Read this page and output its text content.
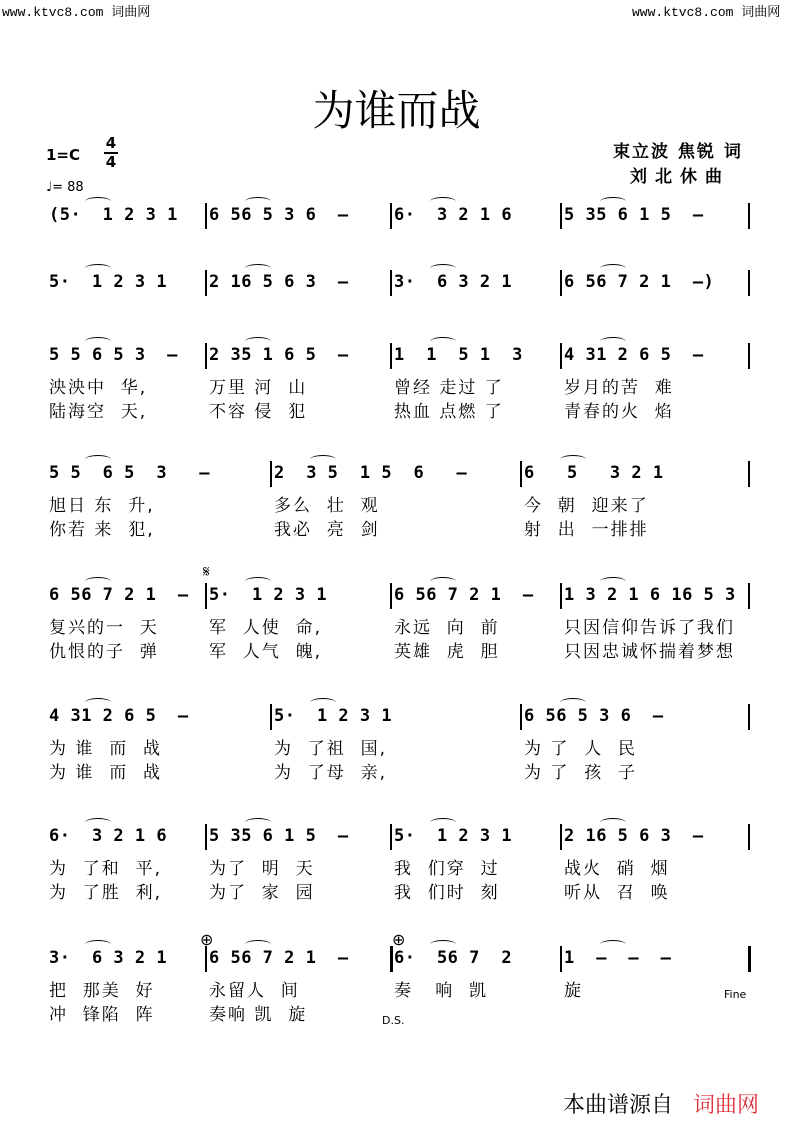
www.ktvc8.com 词曲网	www.ktvc8.com 词曲网
为谁而战
1=C
4
4
♩= 88
束立波 焦锐 词
刘北休曲
(5·  1 2 3 1	6 56 5 3 6  —	6·  3 2 1 6	5 35 6 1 5  —
5·  1 2 3 1	2 16 5 6 3  —	3·  6 3 2 1	6 56 7 2 1  —)
5 5 6 5 3  —	2 35 1 6 5  —	1  1  5 1  3	4 31 2 6 5  —
泱泱中  华,	万里 河  山	曾经 走过 了	岁月的苦  难
陆海空  天,	不容 侵  犯	热血 点燃 了	青春的火  焰
5 5  6 5  3   —	2  3 5  1 5  6   —	6   5   3 2 1
旭日 东  升,	多么  壮  观	今  朝  迎来了
你若 来  犯,	我必  亮  剑	射  出  一排排
6 56 7 2 1  —	5·  1 2 3 1	6 56 7 2 1  —	1 3 2 1 6 16 5 3
复兴的一  天	军  人使  命,	永远  向  前	只因信仰告诉了我们
仇恨的子  弹	军  人气  魄,	英雄  虎  胆	只因忠诚怀揣着梦想
4 31 2 6 5  —	5·  1 2 3 1	6 56 5 3 6  —
为 谁  而  战	为  了祖  国,	为 了  人  民
为 谁  而  战	为  了母  亲,	为 了  孩  子
6·  3 2 1 6	5 35 6 1 5  —	5·  1 2 3 1	2 16 5 6 3  —
为  了和  平,	为了  明  天	我  们穿  过	战火  硝  烟
为  了胜  利,	为了  家  园	我  们时  刻	听从  召  唤
3·  6 3 2 1	6 56 7 2 1  —	6·  56 7  2	1  —  —  —
把  那美  好	永留人  间	奏   响  凯	旋
冲  锋陷  阵	奏响 凯  旋
𝄋
⊕	⊕
Fine
D.S.
本曲谱源自 词曲网
